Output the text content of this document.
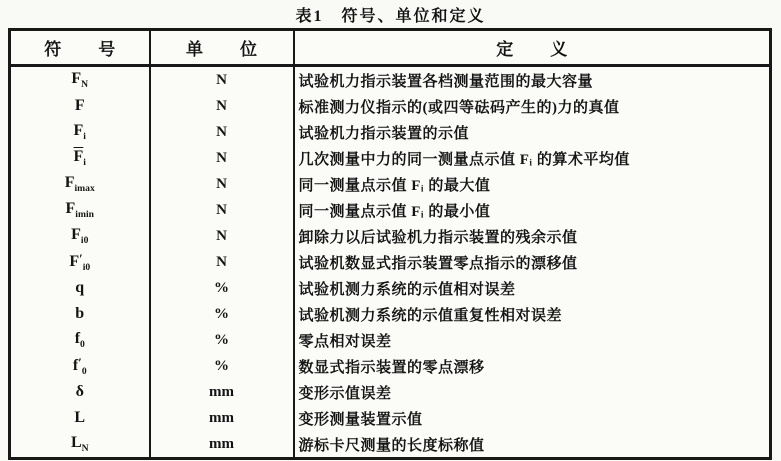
表1　符号、单位和定义
符　号	单　位	定　义
$F_N$	N	试验机力指示装置各档测量范围的最大容量
F	N	标准测力仪指示的(或四等砝码产生的)力的真值
$F_i$	N	试验机力指示装置的示值
$\overline{F}_i$	N	几次测量中力的同一测量点示值 Fᵢ 的算术平均值
$F_{imax}$	N	同一测量点示值 Fᵢ 的最大值
$F_{imin}$	N	同一测量点示值 Fᵢ 的最小值
$F_{i0}$	N	卸除力以后试验机力指示装置的残余示值
$F'_{i0}$	N	试验机数显式指示装置零点指示的漂移值
q	%	试验机测力系统的示值相对误差
b	%	试验机测力系统的示值重复性相对误差
$f_0$	%	零点相对误差
$f'_0$	%	数显式指示装置的零点漂移
δ	mm	变形示值误差
L	mm	变形测量装置示值
$L_N$	mm	游标卡尺测量的长度标称值
